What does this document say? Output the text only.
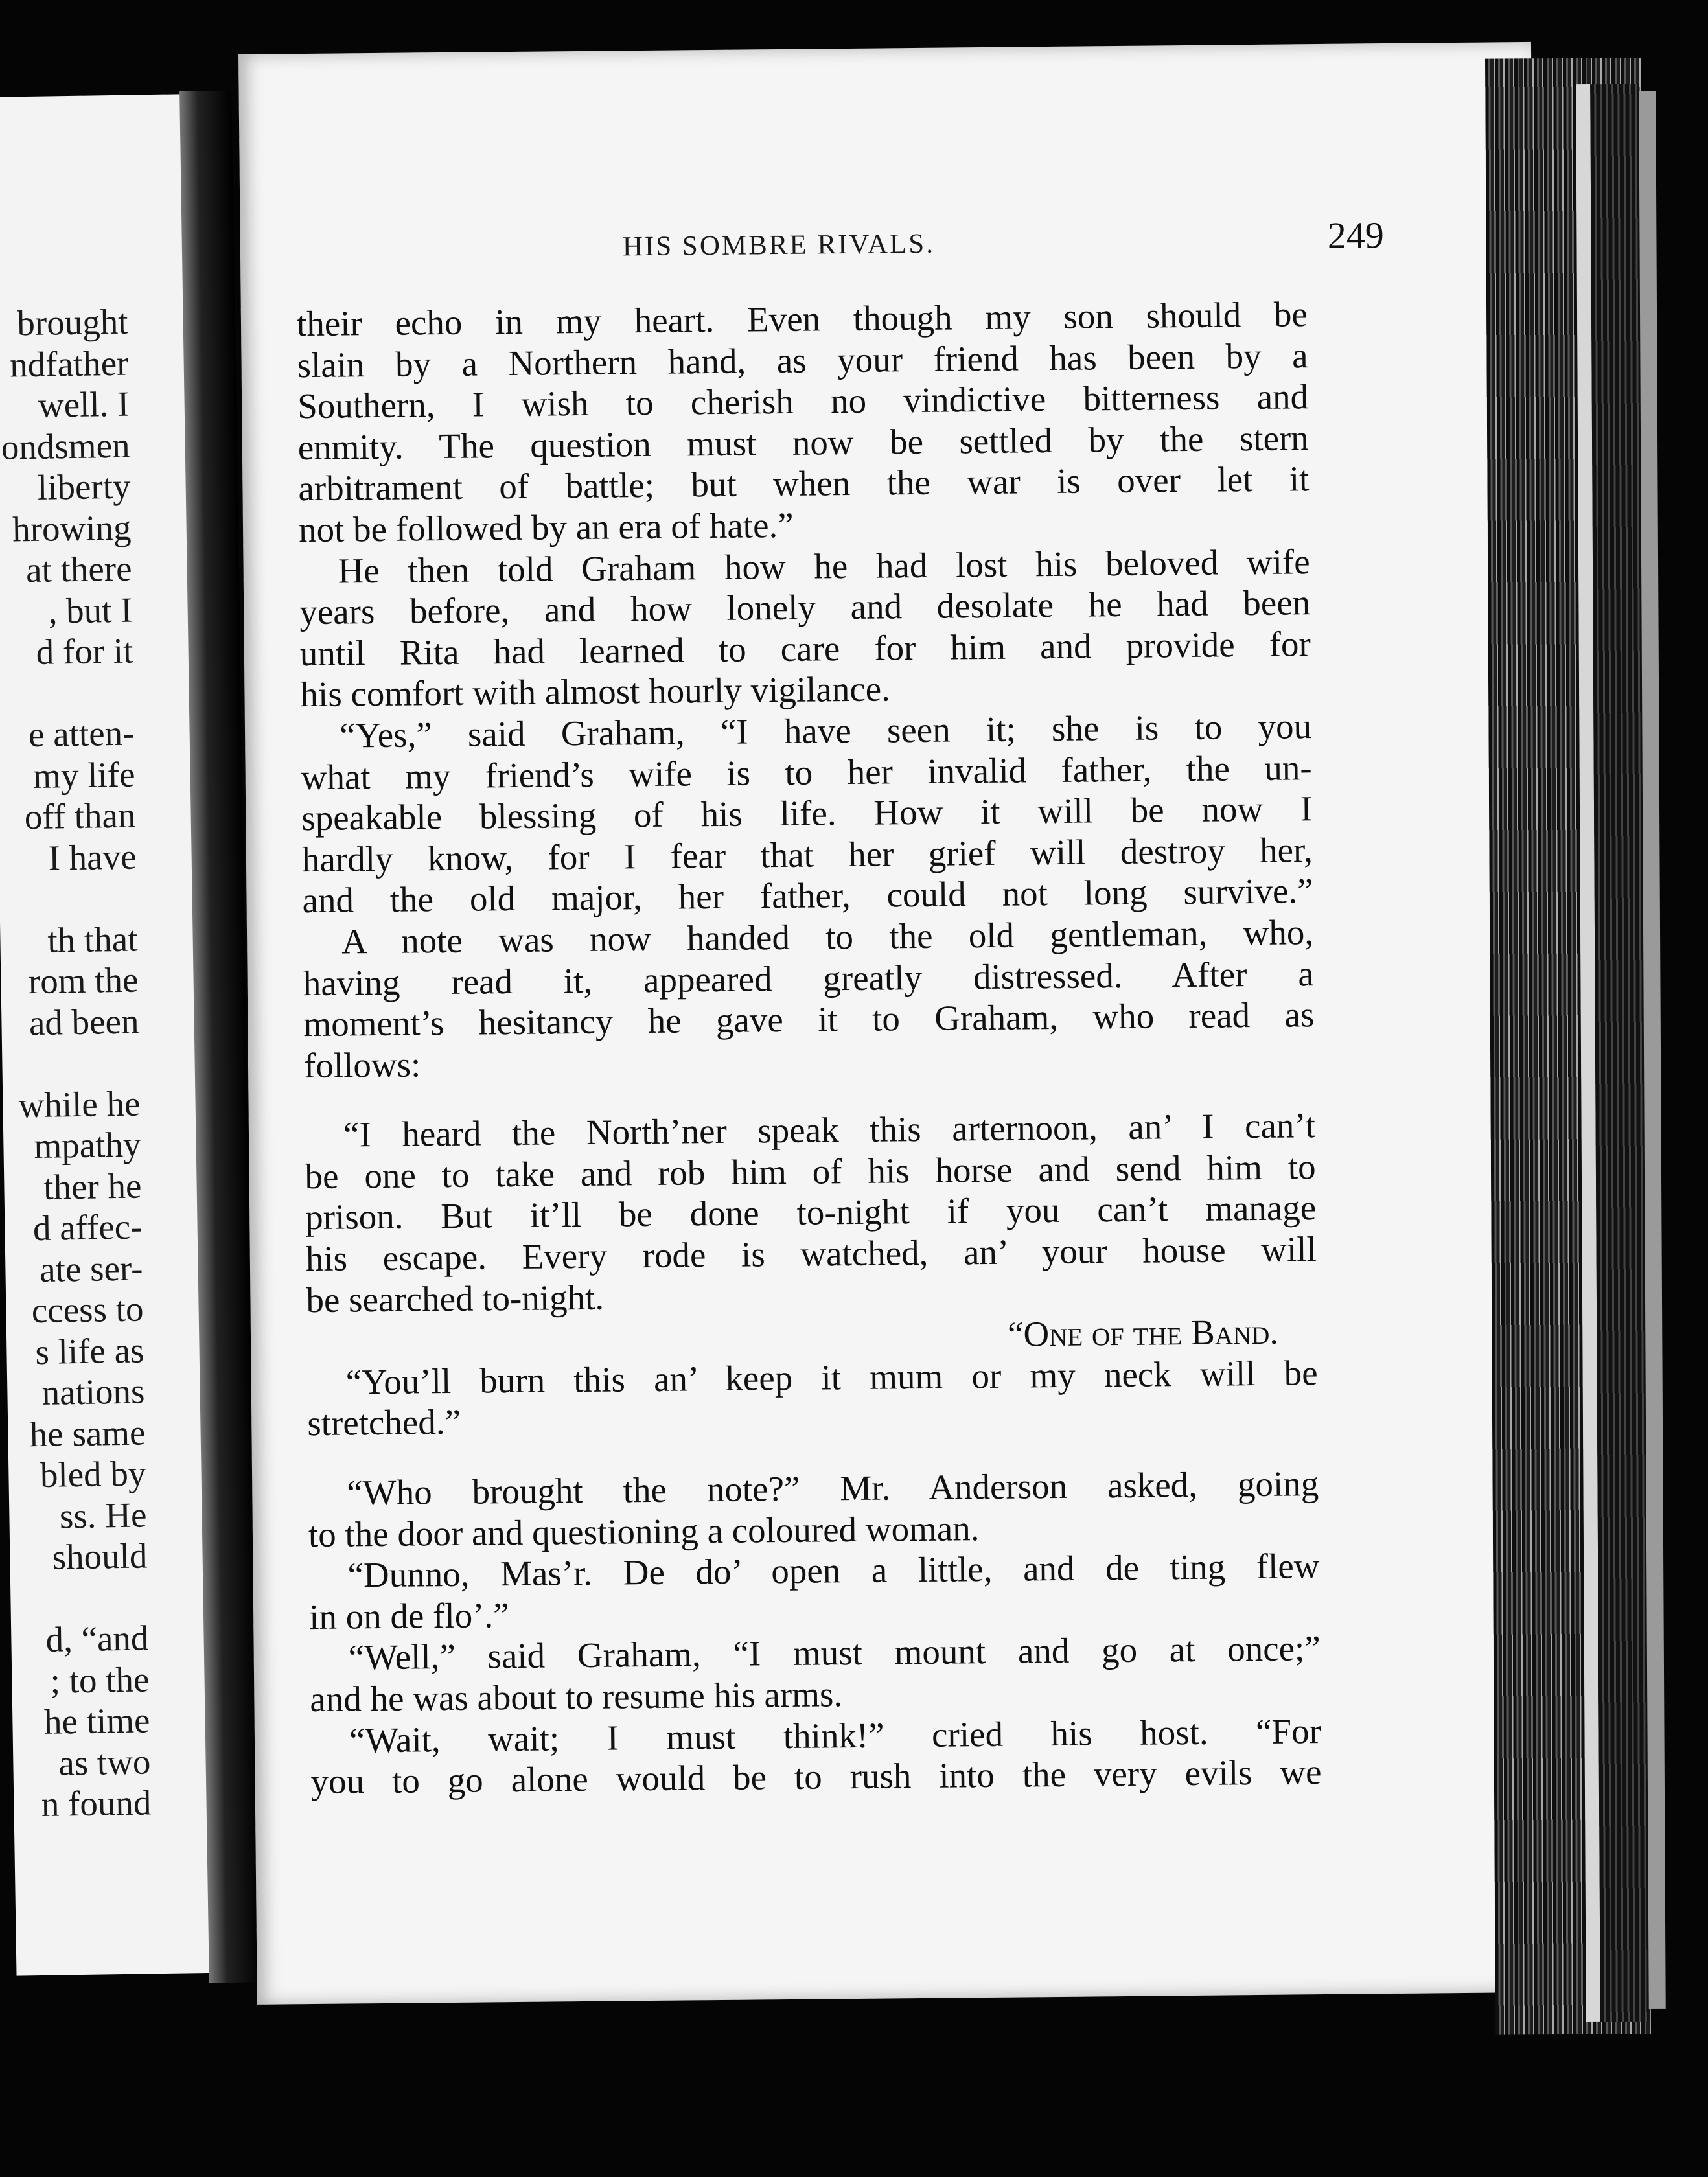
brought
ndfather
well. I
ondsmen
liberty
hrowing
at there
, but I
d for it
e atten-
my life
off than
I have
th that
rom the
ad been
while he
mpathy
ther he
d affec-
ate ser-
ccess to
s life as
nations
he same
bled by
ss. He
should
d, “and
; to the
he time
as two
n found
HIS SOMBRE RIVALS.	249
their echo in my heart. Even though my son should be
slain by a Northern hand, as your friend has been by a
Southern, I wish to cherish no vindictive bitterness and
enmity. The question must now be settled by the stern
arbitrament of battle; but when the war is over let it
not be followed by an era of hate.”
He then told Graham how he had lost his beloved wife
years before, and how lonely and desolate he had been
until Rita had learned to care for him and provide for
his comfort with almost hourly vigilance.
“Yes,” said Graham, “I have seen it; she is to you
what my friend’s wife is to her invalid father, the un-
speakable blessing of his life. How it will be now I
hardly know, for I fear that her grief will destroy her,
and the old major, her father, could not long survive.”
A note was now handed to the old gentleman, who,
having read it, appeared greatly distressed. After a
moment’s hesitancy he gave it to Graham, who read as
follows:
“I heard the North’ner speak this arternoon, an’ I can’t
be one to take and rob him of his horse and send him to
prison. But it’ll be done to-night if you can’t manage
his escape. Every rode is watched, an’ your house will
be searched to-night.
“One of the Band.
“You’ll burn this an’ keep it mum or my neck will be
stretched.”
“Who brought the note?” Mr. Anderson asked, going
to the door and questioning a coloured woman.
“Dunno, Mas’r. De do’ open a little, and de ting flew
in on de flo’.”
“Well,” said Graham, “I must mount and go at once;”
and he was about to resume his arms.
“Wait, wait; I must think!” cried his host. “For
you to go alone would be to rush into the very evils we
